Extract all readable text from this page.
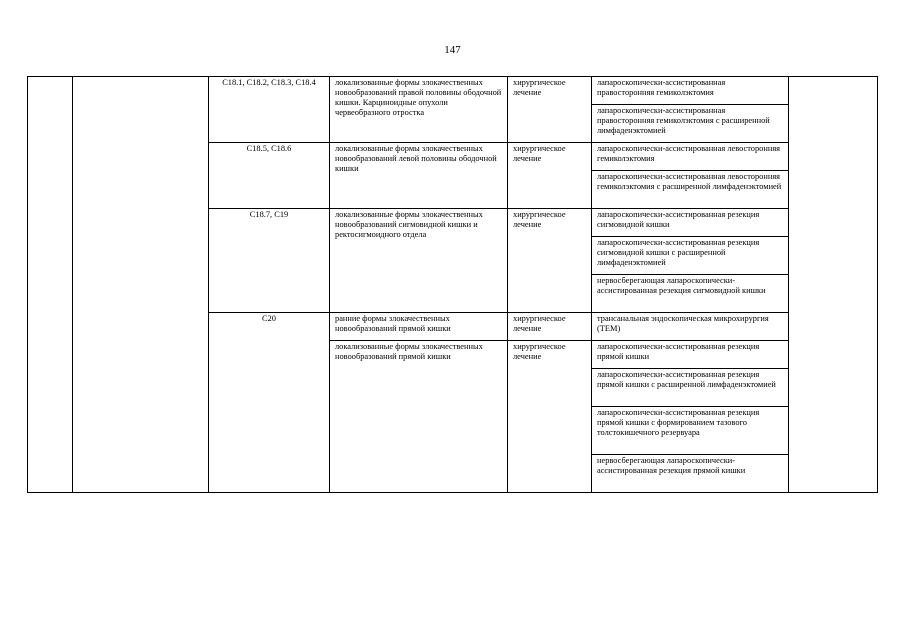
147
		C18.1, C18.2, C18.3, C18.4	локализованные формы злокачественных новообразований правой половины ободочной кишки. Карциноидные опухоли червеобразного отростка	хирургическое лечение	лапароскопически-ассистированная правосторонняя гемиколэктомия	
					лапароскопически-ассистированная правосторонняя гемиколэктомия с расширенной лимфаденэктомией	
		C18.5, C18.6	локализованные формы злокачественных новообразований левой половины ободочной кишки	хирургическое лечение	лапароскопически-ассистированная левосторонняя гемиколэктомия	
					лапароскопически-ассистированная левосторонняя гемиколэктомия с расширенной лимфаденэктомией	
		C18.7, C19	локализованные формы злокачественных новообразований сигмовидной кишки и ректосигмоидного отдела	хирургическое лечение	лапароскопически-ассистированная резекция сигмовидной кишки	
					лапароскопически-ассистированная резекция сигмовидной кишки с расширенной лимфаденэктомией	
					нервосберегающая лапароскопически-ассистированная резекция сигмовидной кишки	
		C20	ранние формы злокачественных новообразований прямой кишки	хирургическое лечение	трансанальная эндоскопическая микрохирургия (ТЕМ)	
			локализованные формы злокачественных новообразований прямой кишки	хирургическое лечение	лапароскопически-ассистированная резекция прямой кишки	
					лапароскопически-ассистированная резекция прямой кишки с расширенной лимфаденэктомией	
					лапароскопически-ассистированная резекция прямой кишки с формированием тазового толстокишечного резервуара	
					нервосберегающая лапароскопически-ассистированная резекция прямой кишки	
